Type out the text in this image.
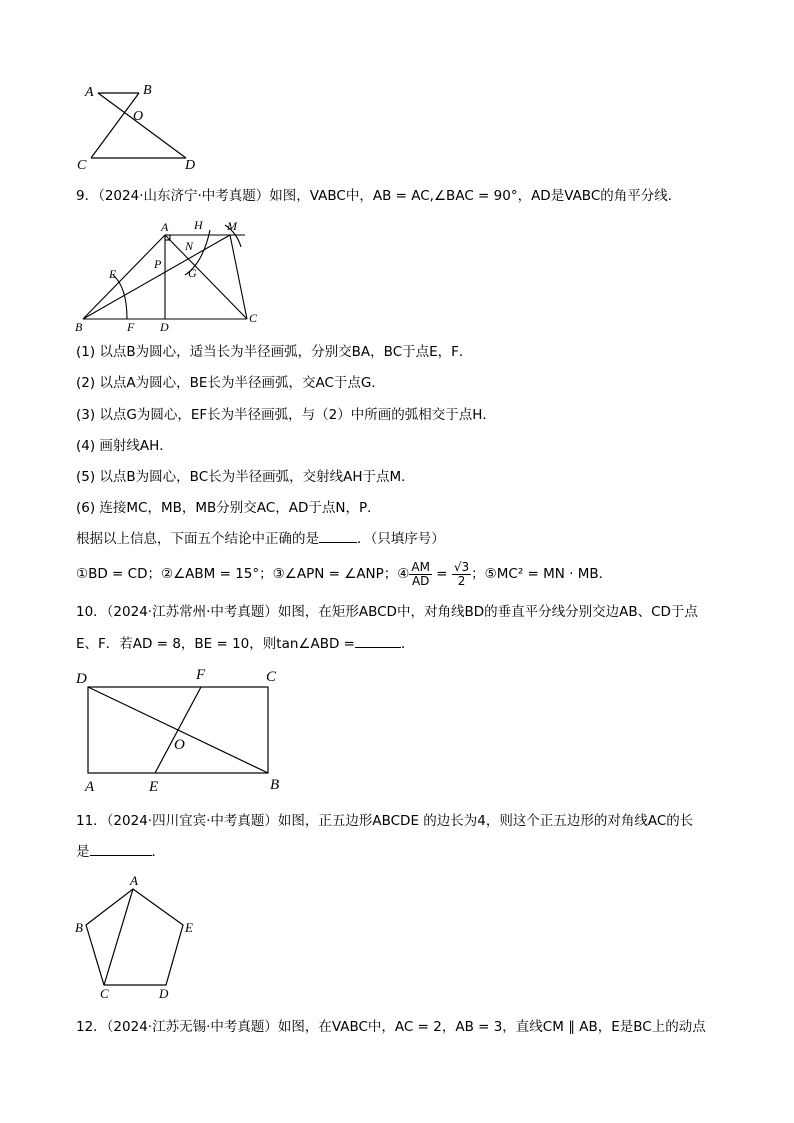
A	B
O
C	D
9．（2024·山东济宁·中考真题）如图，VABC中，AB = AC,∠BAC = 90°，AD是VABC的角平分线．
A H M
N
E
P
G
B	F D
C
(1) 以点B为圆心，适当长为半径画弧，分别交BA，BC于点E，F．
(2) 以点A为圆心，BE长为半径画弧，交AC于点G．
(3) 以点G为圆心，EF长为半径画弧，与（2）中所画的弧相交于点H．
(4) 画射线AH．
(5) 以点B为圆心，BC长为半径画弧，交射线AH于点M．
(6) 连接MC，MB，MB分别交AC，AD于点N，P．
根据以上信息，下面五个结论中正确的是	．（只填序号）
①BD = CD；②∠ABM = 15°；③∠APN = ∠ANP；④ $\frac{AM}{AD} = \frac{√3}{2}$ ；⑤MC² = MN · MB．
10．（2024·江苏常州·中考真题）如图，在矩形ABCD中，对角线BD的垂直平分线分别交边AB、CD于点
E、F．若AD = 8，BE = 10，则tan∠ABD =	．
D	F	C
O
A	E	B
11．（2024·四川宜宾·中考真题）如图，正五边形ABCDE 的边长为4，则这个正五边形的对角线AC的长
是	．
A
B	E
C	D
12．（2024·江苏无锡·中考真题）如图，在VABC中，AC = 2，AB = 3，直线CM ∥ AB，E是BC上的动点
